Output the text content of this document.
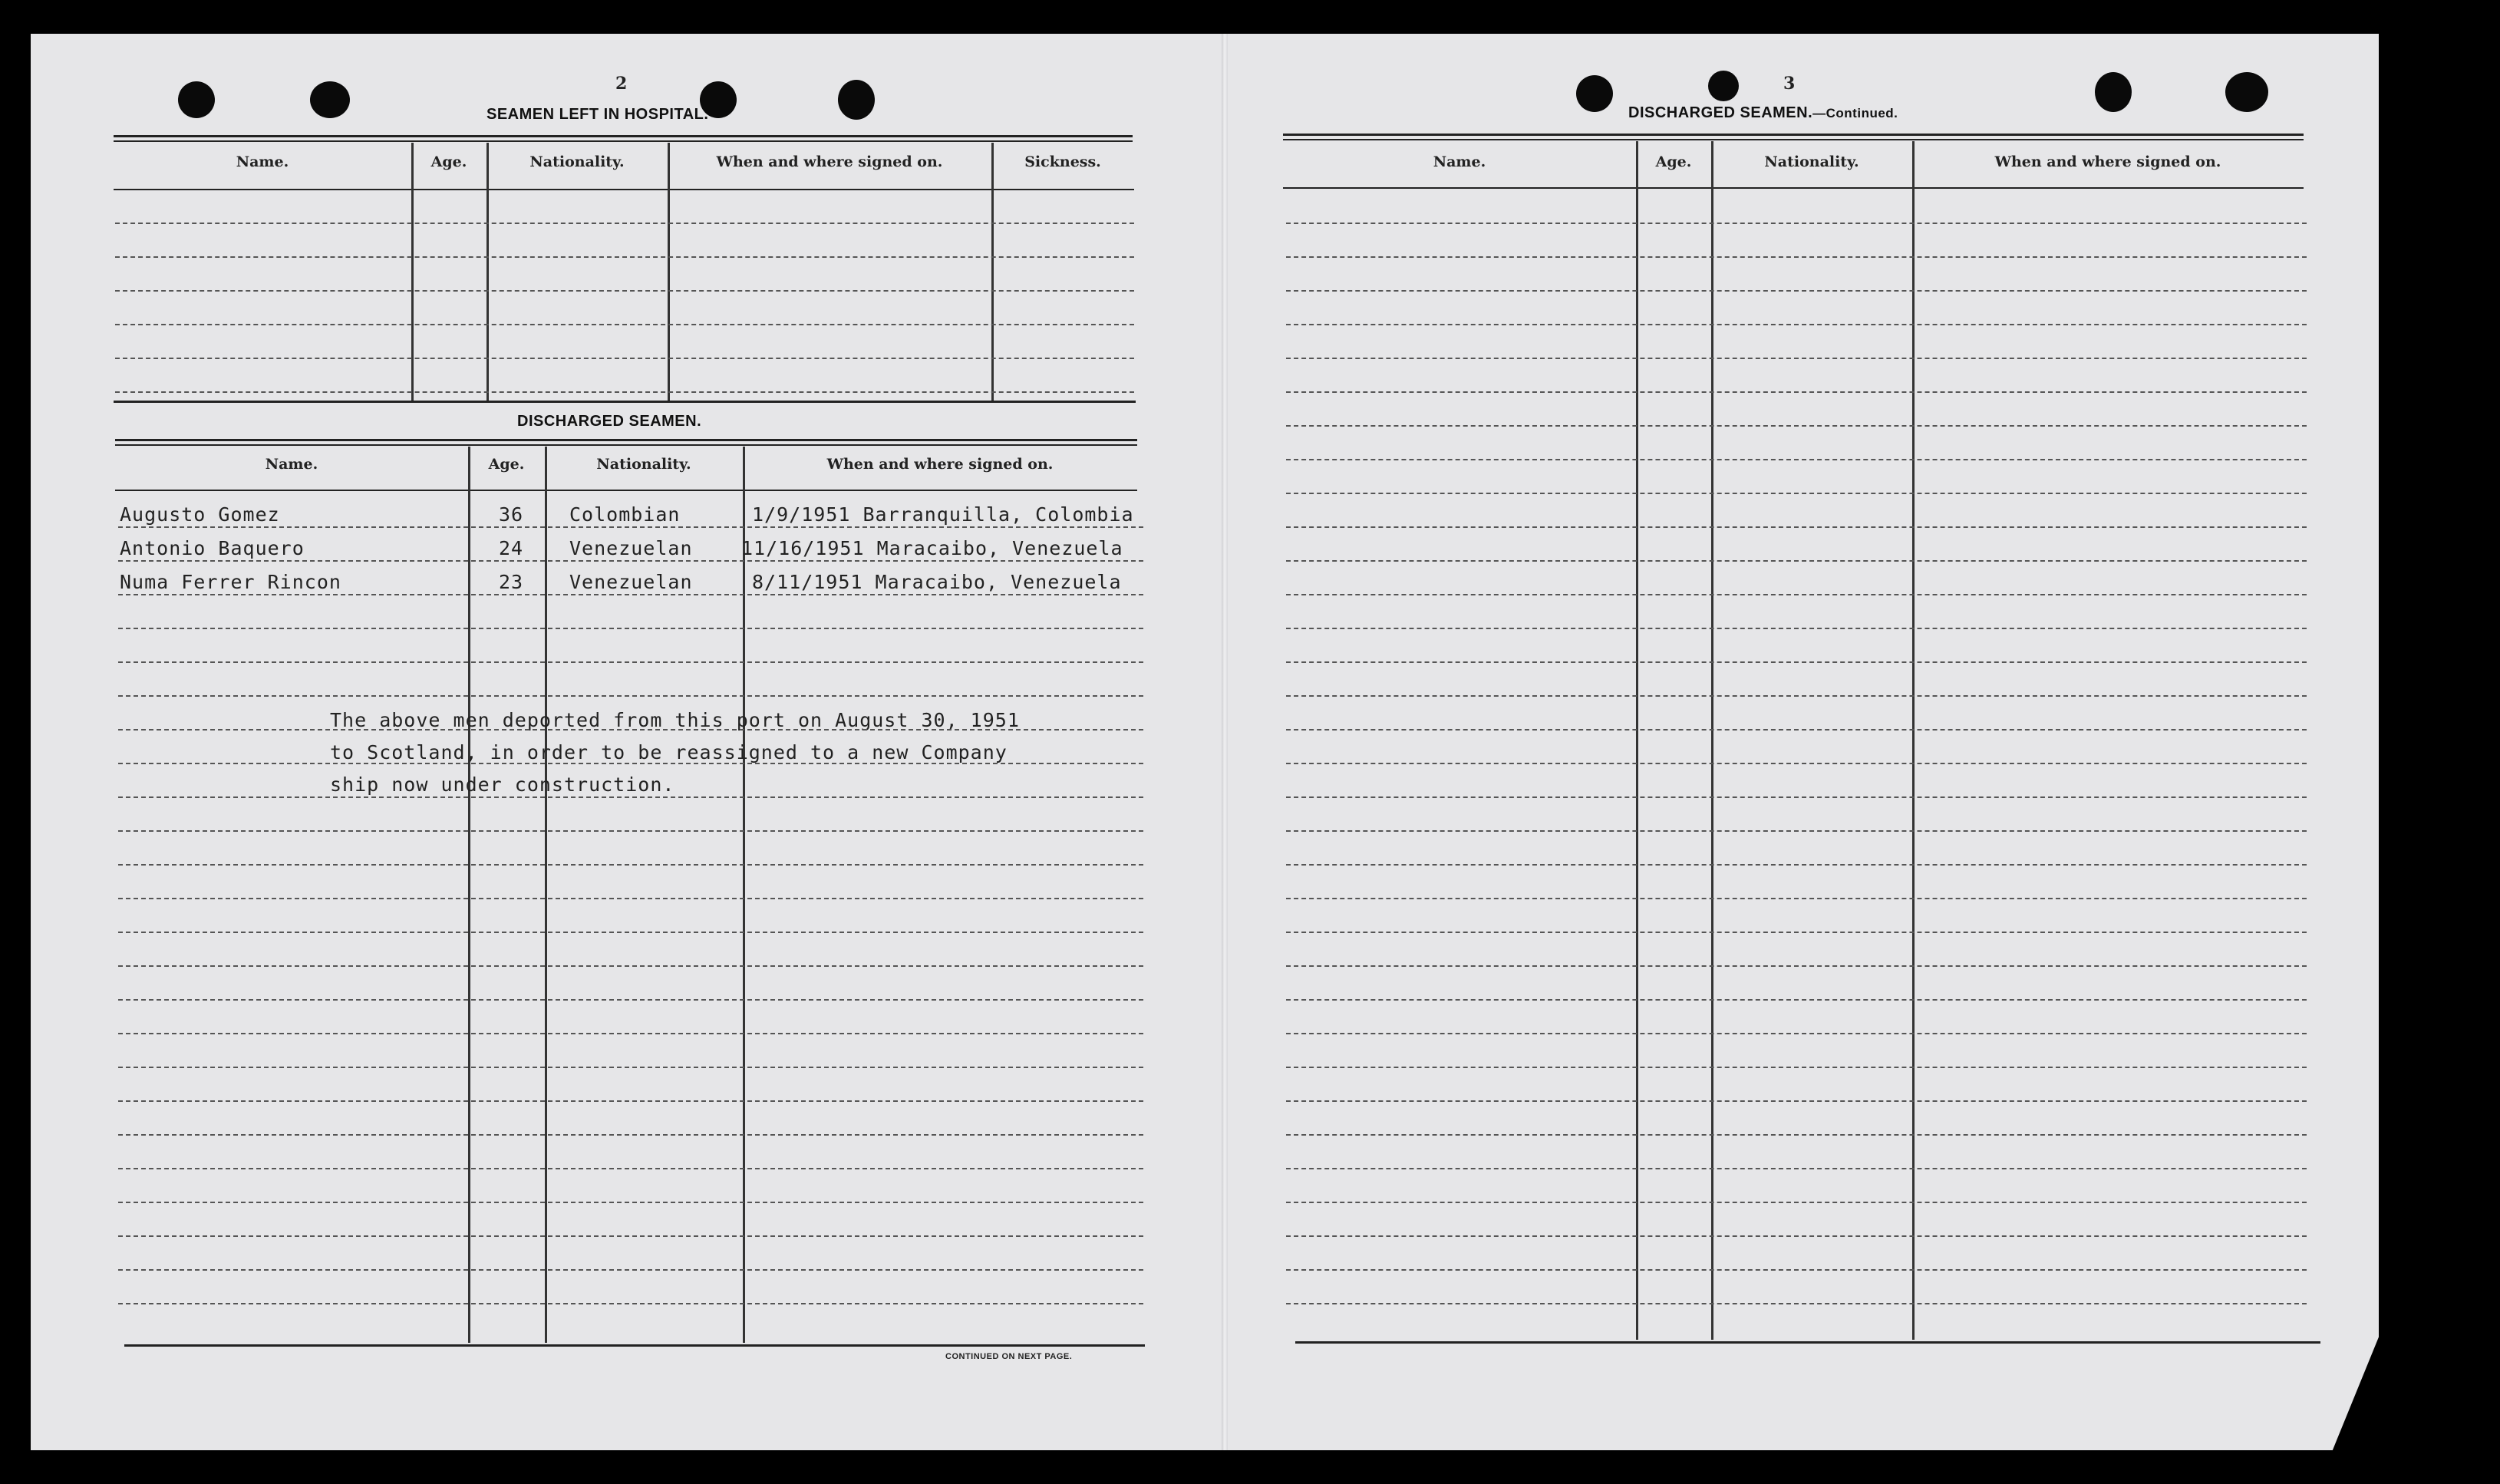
2
SEAMEN LEFT IN HOSPITAL.
Name.	Age.	Nationality.	When and where signed on.	Sickness.
DISCHARGED SEAMEN.
Name.	Age.	Nationality.	When and where signed on.
Augusto Gomez	36 Colombian	1/9/1951 Barranquilla, Colombia
Antonio Baquero	24 Venezuelan	11/16/1951 Maracaibo, Venezuela
Numa Ferrer Rincon	23 Venezuelan	8/11/1951 Maracaibo, Venezuela
The above men deported from this port on August 30, 1951
to Scotland, in order to be reassigned to a new Company
ship now under construction.
CONTINUED ON NEXT PAGE.
3
DISCHARGED SEAMEN.—Continued.
Name.	Age.	Nationality.	When and where signed on.
